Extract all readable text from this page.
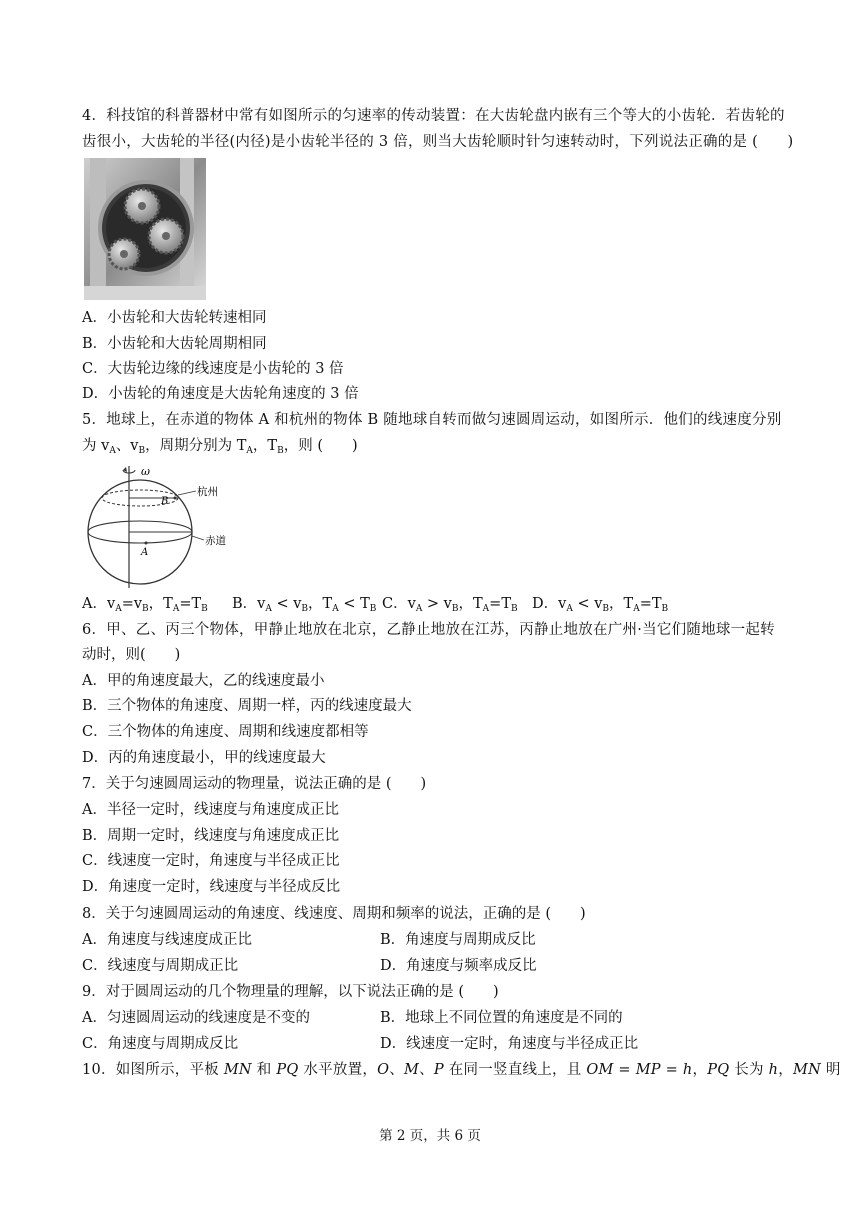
4．科技馆的科普器材中常有如图所示的匀速率的传动装置：在大齿轮盘内嵌有三个等大的小齿轮．若齿轮的
齿很小，大齿轮的半径(内径)是小齿轮半径的 3 倍，则当大齿轮顺时针匀速转动时，下列说法正确的是 (　　)
A．小齿轮和大齿轮转速相同
B．小齿轮和大齿轮周期相同
C．大齿轮边缘的线速度是小齿轮的 3 倍
D．小齿轮的角速度是大齿轮角速度的 3 倍
5．地球上，在赤道的物体 A 和杭州的物体 B 随地球自转而做匀速圆周运动，如图所示．他们的线速度分别
为 $v_A$、$v_B$，周期分别为 $T_A$，$T_B$，则 (　　)
ω
B
杭州
A
赤道
A．$v_A=v_B$，$T_A=T_B$ B．$v_A < v_B$，$T_A < T_B$ C．$v_A > v_B$，$T_A=T_B$ D．$v_A < v_B$，$T_A=T_B$
6．甲、乙、丙三个物体，甲静止地放在北京，乙静止地放在江苏，丙静止地放在广州·当它们随地球一起转
动时，则(　　)
A．甲的角速度最大，乙的线速度最小
B．三个物体的角速度、周期一样，丙的线速度最大
C．三个物体的角速度、周期和线速度都相等
D．丙的角速度最小，甲的线速度最大
7．关于匀速圆周运动的物理量，说法正确的是 (　　)
A．半径一定时，线速度与角速度成正比
B．周期一定时，线速度与角速度成正比
C．线速度一定时，角速度与半径成正比
D．角速度一定时，线速度与半径成反比
8．关于匀速圆周运动的角速度、线速度、周期和频率的说法，正确的是 (　　)
A．角速度与线速度成正比	B．角速度与周期成反比
C．线速度与周期成正比	D．角速度与频率成反比
9．对于圆周运动的几个物理量的理解，以下说法正确的是 (　　)
A．匀速圆周运动的线速度是不变的	B．地球上不同位置的角速度是不同的
C．角速度与周期成反比	D．线速度一定时，角速度与半径成正比
10．如图所示，平板 MN 和 PQ 水平放置，O、M、P 在同一竖直线上，且 OM = MP = h，PQ 长为 h，MN 明
第 2 页，共 6 页
